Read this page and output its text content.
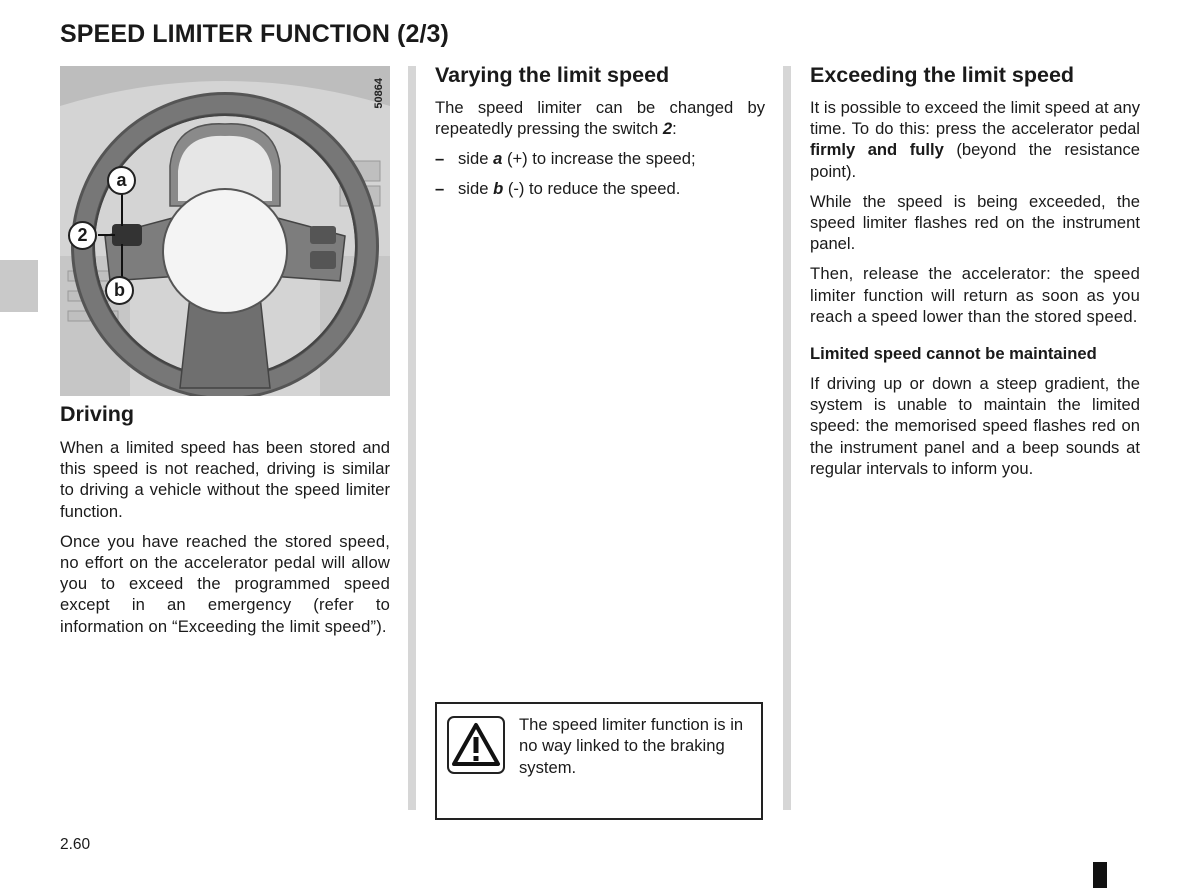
SPEED LIMITER FUNCTION (2/3)
a
2
b
50864
Driving

When a limited speed has been stored and this speed is not reached, driving is similar to driving a vehicle without the speed limiter function.

Once you have reached the stored speed, no effort on the accelerator pedal will allow you to exceed the programmed speed except in an emergency (refer to information on “Exceeding the limit speed”).

Varying the limit speed

The speed limiter can be changed by repeatedly pressing the switch 2:

– side a (+) to increase the speed;
– side b (-) to reduce the speed.
The speed limiter function is in no way linked to the braking system.
Exceeding the limit speed

It is possible to exceed the limit speed at any time. To do this: press the accelerator pedal firmly and fully (beyond the resistance point).

While the speed is being exceeded, the speed limiter flashes red on the instrument panel.

Then, release the accelerator: the speed limiter function will return as soon as you reach a speed lower than the stored speed.

Limited speed cannot be maintained

If driving up or down a steep gradient, the system is unable to maintain the limited speed: the memorised speed flashes red on the instrument panel and a beep sounds at regular intervals to inform you.

2.60
